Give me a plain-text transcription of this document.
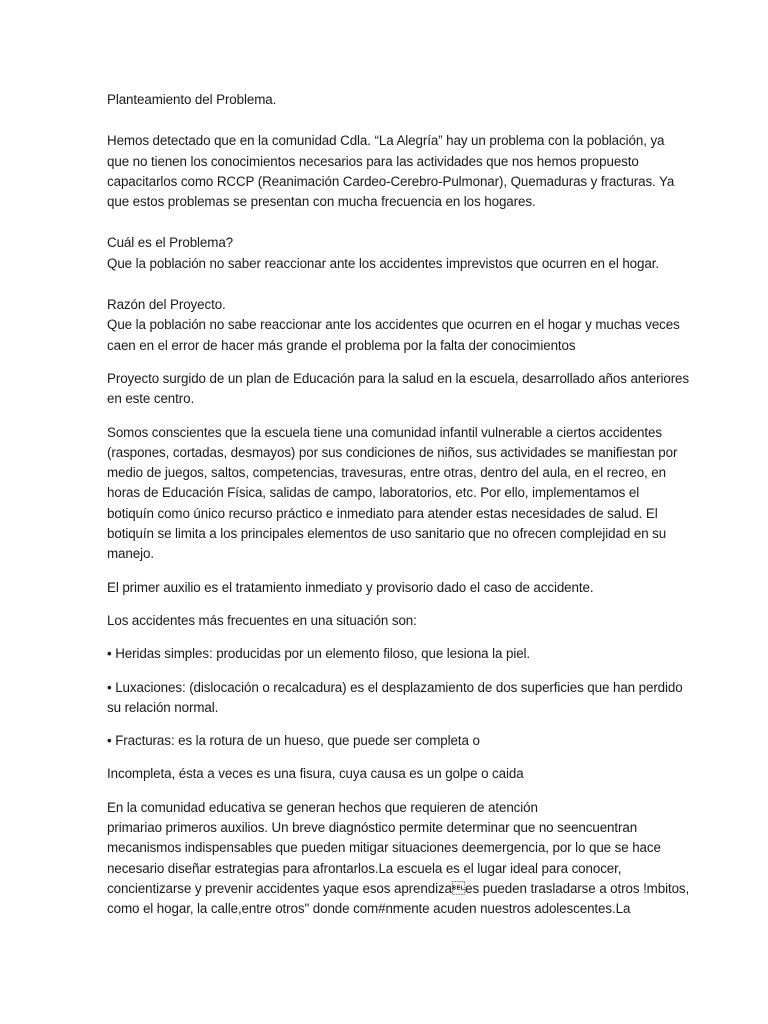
Planteamiento del Problema.
Hemos detectado que en la comunidad Cdla. “La Alegría” hay un problema con la población, ya
que no tienen los conocimientos necesarios para las actividades que nos hemos propuesto
capacitarlos como RCCP (Reanimación Cardeo-Cerebro-Pulmonar), Quemaduras y fracturas. Ya
que estos problemas se presentan con mucha frecuencia en los hogares.
Cuál es el Problema?
Que la población no saber reaccionar ante los accidentes imprevistos que ocurren en el hogar.
Razón del Proyecto.
Que la población no sabe reaccionar ante los accidentes que ocurren en el hogar y muchas veces
caen en el error de hacer más grande el problema por la falta der conocimientos
Proyecto surgido de un plan de Educación para la salud en la escuela, desarrollado años anteriores
en este centro.
Somos conscientes que la escuela tiene una comunidad infantil vulnerable a ciertos accidentes
(raspones, cortadas, desmayos) por sus condiciones de niños, sus actividades se manifiestan por
medio de juegos, saltos, competencias, travesuras, entre otras, dentro del aula, en el recreo, en
horas de Educación Física, salidas de campo, laboratorios, etc. Por ello, implementamos el
botiquín como único recurso práctico e inmediato para atender estas necesidades de salud. El
botiquín se limita a los principales elementos de uso sanitario que no ofrecen complejidad en su
manejo.
El primer auxilio es el tratamiento inmediato y provisorio dado el caso de accidente.
Los accidentes más frecuentes en una situación son:
• Heridas simples: producidas por un elemento filoso, que lesiona la piel.
• Luxaciones: (dislocación o recalcadura) es el desplazamiento de dos superficies que han perdido
su relación normal.
• Fracturas: es la rotura de un hueso, que puede ser completa o
Incompleta, ésta a veces es una fisura, cuya causa es un golpe o caida
En la comunidad educativa se generan hechos que requieren de atención
primariao primeros auxilios. Un breve diagnóstico permite determinar que no seencuentran
mecanismos indispensables que pueden mitigar situaciones deemergencia, por lo que se hace
necesario diseñar estrategias para afrontarlos.La escuela es el lugar ideal para conocer,
concientizarse y prevenir accidentes yaque esos aprendizaes pueden trasladarse a otros !mbitos,
como el hogar, la calle,entre otros" donde com#nmente acuden nuestros adolescentes.La
